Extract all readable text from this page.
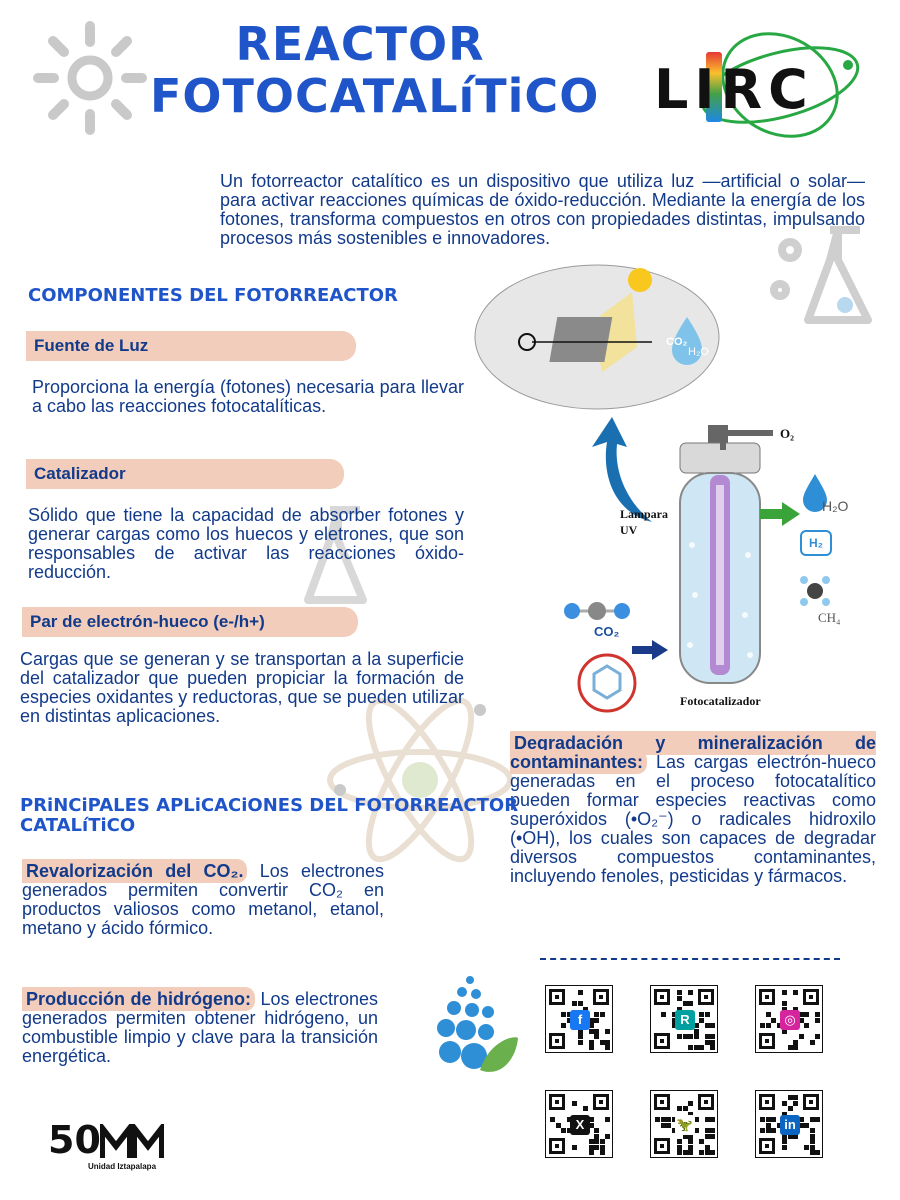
REACTOR
FOTOCATALíTiCO LIRC
Un fotorreactor catalítico es un dispositivo que utiliza luz —artificial o solar— para activar reacciones químicas de óxido-reducción. Mediante la energía de los fotones, transforma compuestos en otros con propiedades distintas, impulsando procesos más sostenibles e innovadores.
COMPONENTES DEL FOTORREACTOR
Fuente de Luz
Proporciona la energía (fotones) necesaria para llevar a cabo las reacciones fotocatalíticas.
Catalizador
Sólido que tiene la capacidad de absorber fotones y generar cargas como los huecos y eletrones, que son responsables de activar las reacciones óxido-reducción.
Par de electrón-hueco (e-/h+)
Cargas que se generan y se transportan a la superficie del catalizador que pueden propiciar la formación de especies oxidantes y reductoras, que se pueden utilizar en distintas aplicaciones.
CO₂
H₂O
O₂
Lampara
UV
Fotocatalizador
H₂O
H₂
CH₄
CO₂
Degradación y mineralización de contaminantes: Las cargas electrón-hueco generadas en el proceso fotocatalítico pueden formar especies reactivas como superóxidos (•O₂⁻) o radicales hidroxilo (•OH), los cuales son capaces de degradar diversos compuestos contaminantes, incluyendo fenoles, pesticidas y fármacos.
PRiNCiPALES APLiCACiONES DEL FOTORREACTOR
CATALíTiCO
Revalorización del CO₂. Los electrones generados permiten convertir CO₂ en productos valiosos como metanol, etanol, metano y ácido fórmico.
Producción de hidrógeno: Los electrones generados permiten obtener hidrógeno, un combustible limpio y clave para la transición energética.
f	R	◎
X	🦖	in
50
Unidad Iztapalapa
